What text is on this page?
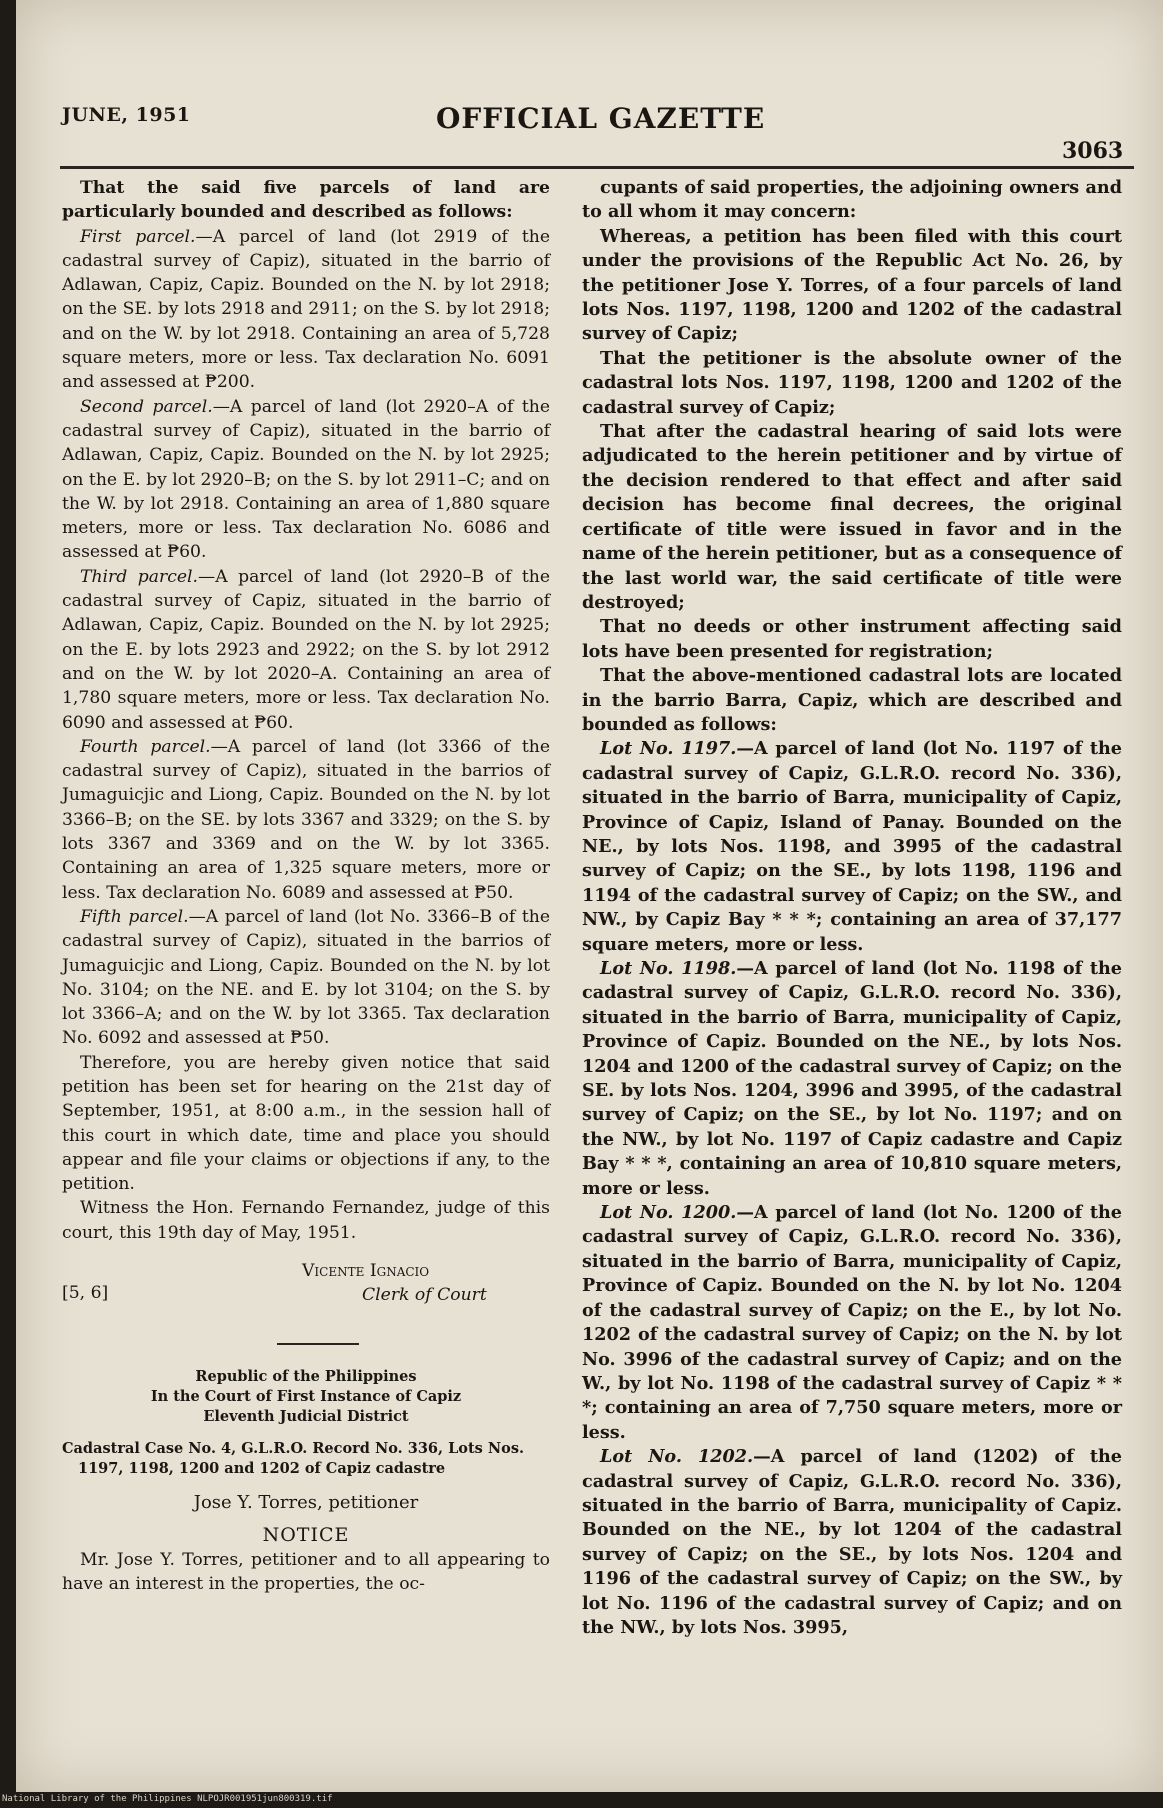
JUNE, 1951	OFFICIAL GAZETTE
3063

That the said five parcels of land are particularly bounded and described as follows:

First parcel.—A parcel of land (lot 2919 of the cadastral survey of Capiz), situated in the barrio of Adlawan, Capiz, Capiz. Bounded on the N. by lot 2918; on the SE. by lots 2918 and 2911; on the S. by lot 2918; and on the W. by lot 2918. Containing an area of 5,728 square meters, more or less. Tax declaration No. 6091 and assessed at ₱200.

Second parcel.—A parcel of land (lot 2920–A of the cadastral survey of Capiz), situated in the barrio of Adlawan, Capiz, Capiz. Bounded on the N. by lot 2925; on the E. by lot 2920–B; on the S. by lot 2911–C; and on the W. by lot 2918. Containing an area of 1,880 square meters, more or less. Tax declaration No. 6086 and assessed at ₱60.

Third parcel.—A parcel of land (lot 2920–B of the cadastral survey of Capiz, situated in the barrio of Adlawan, Capiz, Capiz. Bounded on the N. by lot 2925; on the E. by lots 2923 and 2922; on the S. by lot 2912 and on the W. by lot 2020–A. Containing an area of 1,780 square meters, more or less. Tax declaration No. 6090 and assessed at ₱60.

Fourth parcel.—A parcel of land (lot 3366 of the cadastral survey of Capiz), situated in the barrios of Jumaguicjic and Liong, Capiz. Bounded on the N. by lot 3366–B; on the SE. by lots 3367 and 3329; on the S. by lots 3367 and 3369 and on the W. by lot 3365. Containing an area of 1,325 square meters, more or less. Tax declaration No. 6089 and assessed at ₱50.

Fifth parcel.—A parcel of land (lot No. 3366–B of the cadastral survey of Capiz), situated in the barrios of Jumaguicjic and Liong, Capiz. Bounded on the N. by lot No. 3104; on the NE. and E. by lot 3104; on the S. by lot 3366–A; and on the W. by lot 3365. Tax declaration No. 6092 and assessed at ₱50.

Therefore, you are hereby given notice that said petition has been set for hearing on the 21st day of September, 1951, at 8:00 a.m., in the session hall of this court in which date, time and place you should appear and file your claims or objections if any, to the petition.

Witness the Hon. Fernando Fernandez, judge of this court, this 19th day of May, 1951.

[5, 6]
Vicente Ignacio
Clerk of Court

Republic of the Philippines

In the Court of First Instance of Capiz

Eleventh Judicial District

Cadastral Case No. 4, G.L.R.O. Record No. 336, Lots Nos. 1197, 1198, 1200 and 1202 of Capiz cadastre

Jose Y. Torres, petitioner

NOTICE

Mr. Jose Y. Torres, petitioner and to all appearing to have an interest in the properties, the oc-

cupants of said properties, the adjoining owners and to all whom it may concern:

Whereas, a petition has been filed with this court under the provisions of the Republic Act No. 26, by the petitioner Jose Y. Torres, of a four parcels of land lots Nos. 1197, 1198, 1200 and 1202 of the cadastral survey of Capiz;

That the petitioner is the absolute owner of the cadastral lots Nos. 1197, 1198, 1200 and 1202 of the cadastral survey of Capiz;

That after the cadastral hearing of said lots were adjudicated to the herein petitioner and by virtue of the decision rendered to that effect and after said decision has become final decrees, the original certificate of title were issued in favor and in the name of the herein petitioner, but as a consequence of the last world war, the said certificate of title were destroyed;

That no deeds or other instrument affecting said lots have been presented for registration;

That the above-mentioned cadastral lots are located in the barrio Barra, Capiz, which are described and bounded as follows:

Lot No. 1197.—A parcel of land (lot No. 1197 of the cadastral survey of Capiz, G.L.R.O. record No. 336), situated in the barrio of Barra, municipality of Capiz, Province of Capiz, Island of Panay. Bounded on the NE., by lots Nos. 1198, and 3995 of the cadastral survey of Capiz; on the SE., by lots 1198, 1196 and 1194 of the cadastral survey of Capiz; on the SW., and NW., by Capiz Bay * * *; containing an area of 37,177 square meters, more or less.

Lot No. 1198.—A parcel of land (lot No. 1198 of the cadastral survey of Capiz, G.L.R.O. record No. 336), situated in the barrio of Barra, municipality of Capiz, Province of Capiz. Bounded on the NE., by lots Nos. 1204 and 1200 of the cadastral survey of Capiz; on the SE. by lots Nos. 1204, 3996 and 3995, of the cadastral survey of Capiz; on the SE., by lot No. 1197; and on the NW., by lot No. 1197 of Capiz cadastre and Capiz Bay * * *, containing an area of 10,810 square meters, more or less.

Lot No. 1200.—A parcel of land (lot No. 1200 of the cadastral survey of Capiz, G.L.R.O. record No. 336), situated in the barrio of Barra, municipality of Capiz, Province of Capiz. Bounded on the N. by lot No. 1204 of the cadastral survey of Capiz; on the E., by lot No. 1202 of the cadastral survey of Capiz; on the N. by lot No. 3996 of the cadastral survey of Capiz; and on the W., by lot No. 1198 of the cadastral survey of Capiz * * *; containing an area of 7,750 square meters, more or less.

Lot No. 1202.—A parcel of land (1202) of the cadastral survey of Capiz, G.L.R.O. record No. 336), situated in the barrio of Barra, municipality of Capiz. Bounded on the NE., by lot 1204 of the cadastral survey of Capiz; on the SE., by lots Nos. 1204 and 1196 of the cadastral survey of Capiz; on the SW., by lot No. 1196 of the cadastral survey of Capiz; and on the NW., by lots Nos. 3995,

National Library of the Philippines NLPOJR001951jun800319.tif
